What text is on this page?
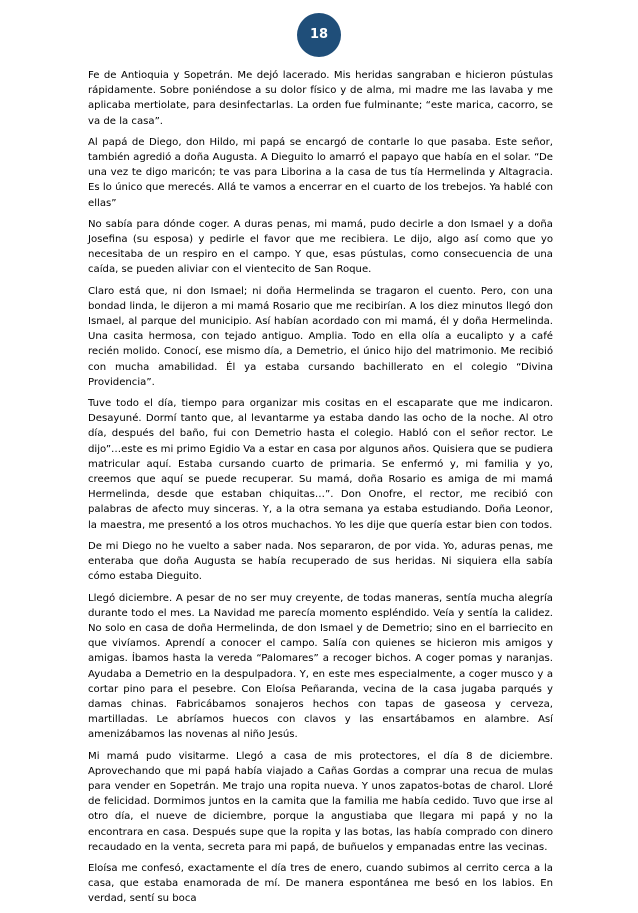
18

Fe de Antioquia y Sopetrán. Me dejó lacerado. Mis heridas sangraban e hicieron pústulas rápidamente. Sobre poniéndose a su dolor físico y de alma, mi madre me las lavaba y me aplicaba mertiolate, para desinfectarlas. La orden fue fulminante; “este marica, cacorro, se va de la casa”.

Al papá de Diego, don Hildo, mi papá se encargó de contarle lo que pasaba. Este señor, también agredió a doña Augusta. A Dieguito lo amarró el papayo que había en el solar. “De una vez te digo maricón; te vas para Liborina a la casa de tus tía Hermelinda y Altagracia. Es lo único que merecés. Allá te vamos a encerrar en el cuarto de los trebejos. Ya hablé con ellas”

No sabía para dónde coger. A duras penas, mi mamá, pudo decirle a don Ismael y a doña Josefina (su esposa) y pedirle el favor que me recibiera. Le dijo, algo así como que yo necesitaba de un respiro en el campo. Y que, esas pústulas, como consecuencia de una caída, se pueden aliviar con el vientecito de San Roque.

Claro está que, ni don Ismael; ni doña Hermelinda se tragaron el cuento. Pero, con una bondad linda, le dijeron a mi mamá Rosario que me recibirían. A los diez minutos llegó don Ismael, al parque del municipio. Así habían acordado con mi mamá, él y doña Hermelinda. Una casita hermosa, con tejado antiguo. Amplia. Todo en ella olía a eucalipto y a café recién molido. Conocí, ese mismo día, a Demetrio, el único hijo del matrimonio. Me recibió con mucha amabilidad. Él ya estaba cursando bachillerato en el colegio “Divina Providencia”.

Tuve todo el día, tiempo para organizar mis cositas en el escaparate que me indicaron. Desayuné. Dormí tanto que, al levantarme ya estaba dando las ocho de la noche. Al otro día, después del baño, fui con Demetrio hasta el colegio. Habló con el señor rector. Le dijo”…este es mi primo Egidio Va a estar en casa por algunos años. Quisiera que se pudiera matricular aquí. Estaba cursando cuarto de primaria. Se enfermó y, mi familia y yo, creemos que aquí se puede recuperar. Su mamá, doña Rosario es amiga de mi mamá Hermelinda, desde que estaban chiquitas…”. Don Onofre, el rector, me recibió con palabras de afecto muy sinceras. Y, a la otra semana ya estaba estudiando. Doña Leonor, la maestra, me presentó a los otros muchachos. Yo les dije que quería estar bien con todos.

De mi Diego no he vuelto a saber nada. Nos separaron, de por vida. Yo, aduras penas, me enteraba que doña Augusta se había recuperado de sus heridas. Ni siquiera ella sabía cómo estaba Dieguito.

Llegó diciembre. A pesar de no ser muy creyente, de todas maneras, sentía mucha alegría durante todo el mes. La Navidad me parecía momento espléndido. Veía y sentía la calidez. No solo en casa de doña Hermelinda, de don Ismael y de Demetrio; sino en el barriecito en que vivíamos. Aprendí a conocer el campo. Salía con quienes se hicieron mis amigos y amigas. Íbamos hasta la vereda “Palomares” a recoger bichos. A coger pomas y naranjas. Ayudaba a Demetrio en la despulpadora. Y, en este mes especialmente, a coger musco y a cortar pino para el pesebre. Con Eloísa Peñaranda, vecina de la casa jugaba parqués y damas chinas. Fabricábamos sonajeros hechos con tapas de gaseosa y cerveza, martilladas. Le abríamos huecos con clavos y las ensartábamos en alambre. Así amenizábamos las novenas al niño Jesús.

Mi mamá pudo visitarme. Llegó a casa de mis protectores, el día 8 de diciembre. Aprovechando que mi papá había viajado a Cañas Gordas a comprar una recua de mulas para vender en Sopetrán. Me trajo una ropita nueva. Y unos zapatos-botas de charol. Lloré de felicidad. Dormimos juntos en la camita que la familia me había cedido. Tuvo que irse al otro día, el nueve de diciembre, porque la angustiaba que llegara mi papá y no la encontrara en casa. Después supe que la ropita y las botas, las había comprado con dinero recaudado en la venta, secreta para mi papá, de buñuelos y empanadas entre las vecinas.

Eloísa me confesó, exactamente el día tres de enero, cuando subimos al cerrito cerca a la casa, que estaba enamorada de mí. De manera espontánea me besó en los labios. En verdad, sentí su boca
